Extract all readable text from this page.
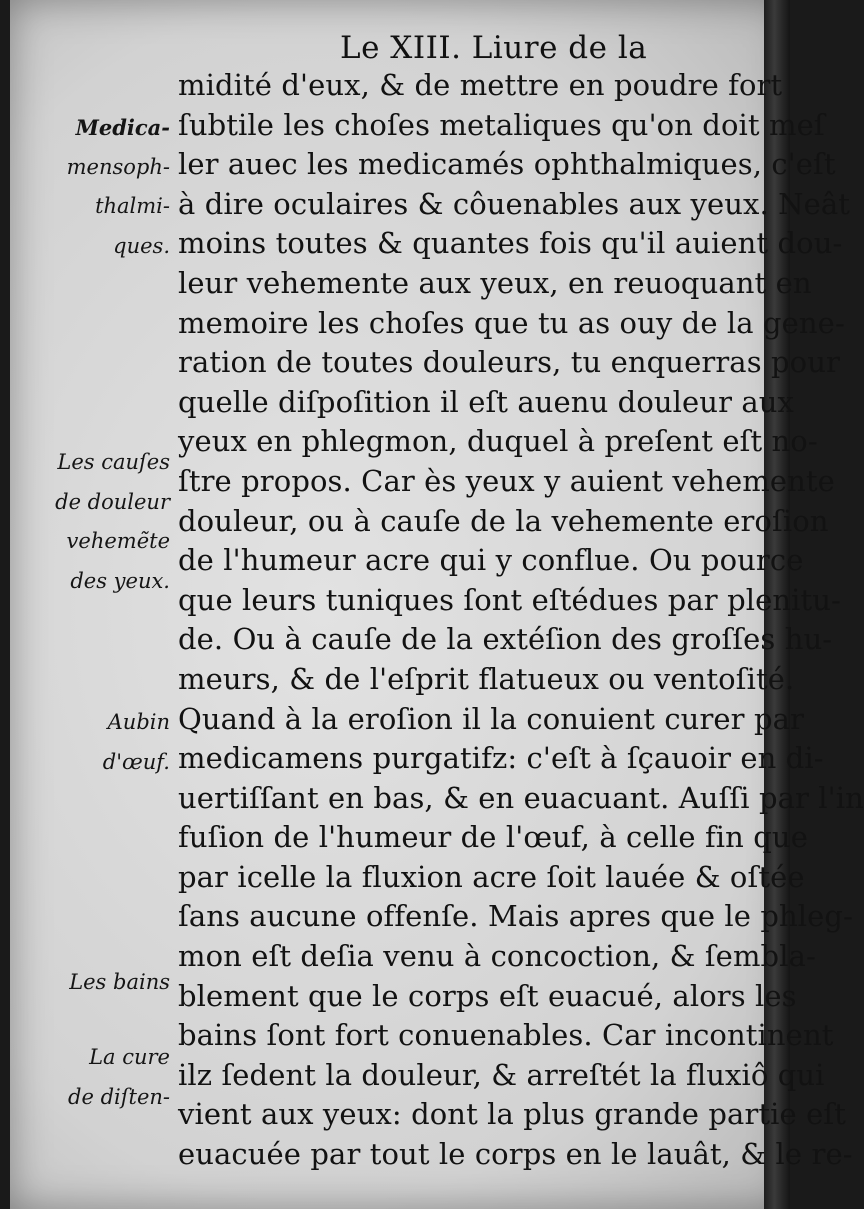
Le XIII. Liure de la
midité d'eux, & de mettre en poudre fort
ſubtile les choſes metaliques qu'on doit meſ
ler auec les medicamés ophthalmiques, c'eſt
à dire oculaires & côuenables aux yeux. Neât
moins toutes & quantes fois qu'il auient dou-
leur vehemente aux yeux, en reuoquant en
memoire les choſes que tu as ouy de la gene-
ration de toutes douleurs, tu enquerras pour
quelle diſpoſition il eſt auenu douleur aux
yeux en phlegmon, duquel à preſent eſt no-
ſtre propos. Car ès yeux y auient vehemente
douleur, ou à cauſe de la vehemente eroſion
de l'humeur acre qui y conflue. Ou pource
que leurs tuniques ſont eſtédues par plenitu-
de. Ou à cauſe de la extéſion des groſſes hu-
meurs, & de l'eſprit flatueux ou ventoſité.
Quand à la eroſion il la conuient curer par
medicamens purgatifz: c'eſt à ſçauoir en di-
uertiſſant en bas, & en euacuant. Auſſi par l'in
fuſion de l'humeur de l'œuf, à celle fin que
par icelle la fluxion acre ſoit lauée & oſtée
ſans aucune offenſe. Mais apres que le phleg-
mon eſt deſia venu à concoction, & ſembla-
blement que le corps eſt euacué, alors les
bains ſont fort conuenables. Car incontinent
ilz ſedent la douleur, & arreſtét la fluxiô qui
vient aux yeux: dont la plus grande partie eſt
euacuée par tout le corps en le lauât, & le re-
Medica-
mensoph-
thalmi-
ques.
Les cauſes
de douleur
vehemẽte
des yeux.
Aubin
d'œuf.
Les bains
La cure
de diſten-
